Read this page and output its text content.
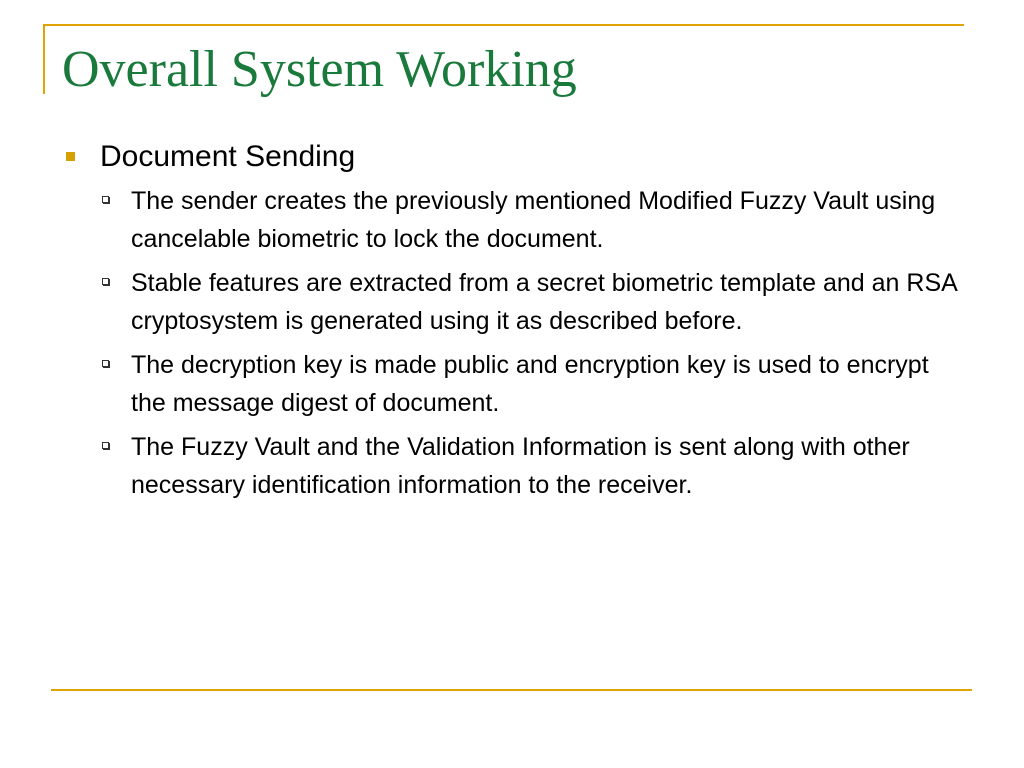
Overall System Working
Document Sending
The sender creates the previously mentioned Modified Fuzzy Vault using cancelable biometric to lock the document.
Stable features are extracted from a secret biometric template and an RSA cryptosystem is generated using it as described before.
The decryption key is made public and encryption key is used to encrypt the message digest of document.
The Fuzzy Vault and the Validation Information is sent along with other necessary identification information to the receiver.
